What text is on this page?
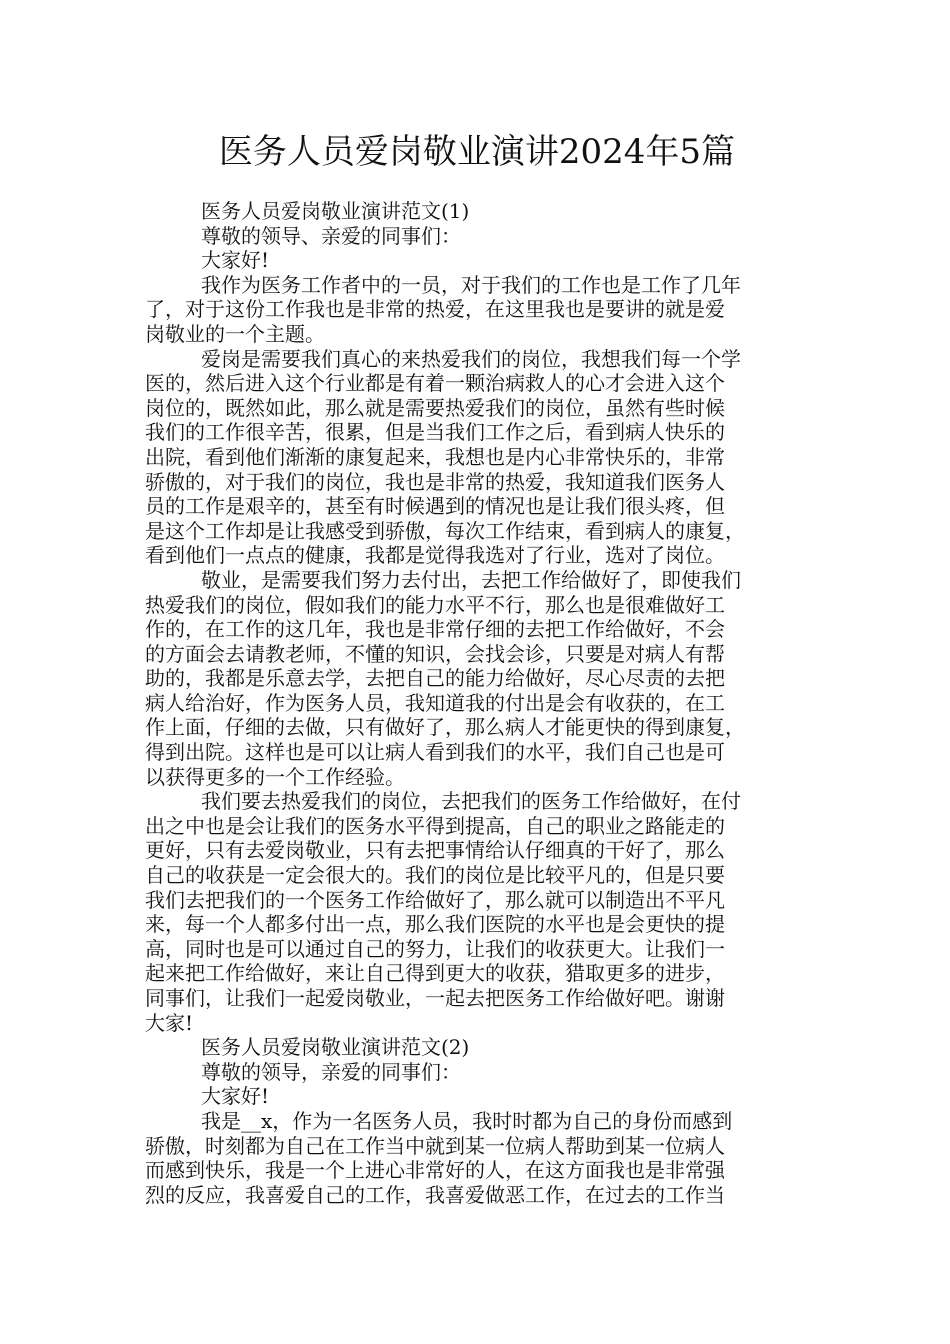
医务人员爱岗敬业演讲2024年5篇
医务人员爱岗敬业演讲范文(1)
尊敬的领导、亲爱的同事们：
大家好!
我作为医务工作者中的一员，对于我们的工作也是工作了几年
了，对于这份工作我也是非常的热爱，在这里我也是要讲的就是爱
岗敬业的一个主题。
爱岗是需要我们真心的来热爱我们的岗位，我想我们每一个学
医的，然后进入这个行业都是有着一颗治病救人的心才会进入这个
岗位的，既然如此，那么就是需要热爱我们的岗位，虽然有些时候
我们的工作很辛苦，很累，但是当我们工作之后，看到病人快乐的
出院，看到他们渐渐的康复起来，我想也是内心非常快乐的，非常
骄傲的，对于我们的岗位，我也是非常的热爱，我知道我们医务人
员的工作是艰辛的，甚至有时候遇到的情况也是让我们很头疼，但
是这个工作却是让我感受到骄傲，每次工作结束，看到病人的康复，
看到他们一点点的健康，我都是觉得我选对了行业，选对了岗位。
敬业，是需要我们努力去付出，去把工作给做好了，即使我们
热爱我们的岗位，假如我们的能力水平不行，那么也是很难做好工
作的，在工作的这几年，我也是非常仔细的去把工作给做好，不会
的方面会去请教老师，不懂的知识，会找会诊，只要是对病人有帮
助的，我都是乐意去学，去把自己的能力给做好，尽心尽责的去把
病人给治好，作为医务人员，我知道我的付出是会有收获的，在工
作上面，仔细的去做，只有做好了，那么病人才能更快的得到康复，
得到出院。这样也是可以让病人看到我们的水平，我们自己也是可
以获得更多的一个工作经验。
我们要去热爱我们的岗位，去把我们的医务工作给做好，在付
出之中也是会让我们的医务水平得到提高，自己的职业之路能走的
更好，只有去爱岗敬业，只有去把事情给认仔细真的干好了，那么
自己的收获是一定会很大的。我们的岗位是比较平凡的，但是只要
我们去把我们的一个医务工作给做好了，那么就可以制造出不平凡
来，每一个人都多付出一点，那么我们医院的水平也是会更快的提
高，同时也是可以通过自己的努力，让我们的收获更大。让我们一
起来把工作给做好，来让自己得到更大的收获，猎取更多的进步，
同事们，让我们一起爱岗敬业，一起去把医务工作给做好吧。谢谢
大家!
医务人员爱岗敬业演讲范文(2)
尊敬的领导，亲爱的同事们：
大家好!
我是__x，作为一名医务人员，我时时都为自己的身份而感到
骄傲，时刻都为自己在工作当中就到某一位病人帮助到某一位病人
而感到快乐，我是一个上进心非常好的人，在这方面我也是非常强
烈的反应，我喜爱自己的工作，我喜爱做恶工作，在过去的工作当
